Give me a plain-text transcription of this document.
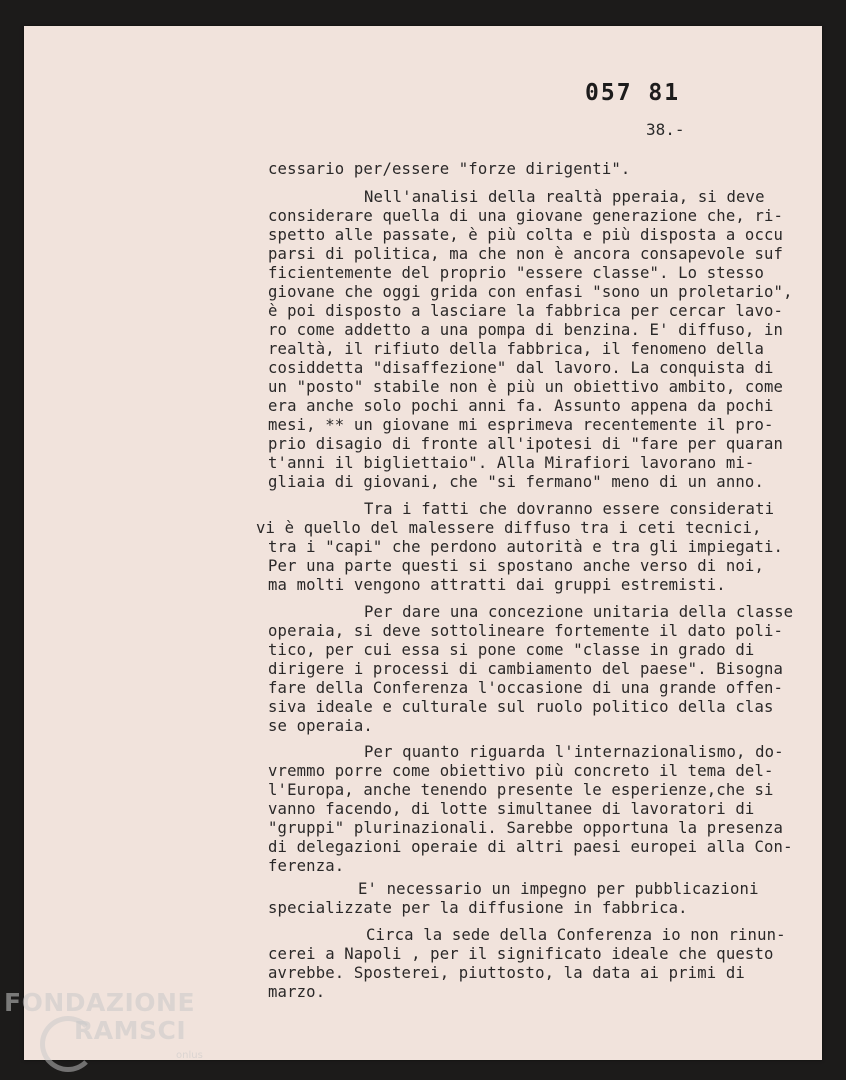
057 81
38.-
cessario per/essere "forze dirigenti".
Nell'analisi della realtà pperaia, si deve
considerare quella di una giovane generazione che, ri-
spetto alle passate, è più colta e più disposta a occu
parsi di politica, ma che non è ancora consapevole suf
ficientemente del proprio "essere classe". Lo stesso
giovane che oggi grida con enfasi "sono un proletario",
è poi disposto a lasciare la fabbrica per cercar lavo-
ro come addetto a una pompa di benzina. E' diffuso, in
realtà, il rifiuto della fabbrica, il fenomeno della
cosiddetta "disaffezione" dal lavoro. La conquista di
un "posto" stabile non è più un obiettivo ambito, come
era anche solo pochi anni fa. Assunto appena da pochi
mesi, ** un giovane mi esprimeva recentemente il pro-
prio disagio di fronte all'ipotesi di "fare per quaran
t'anni il bigliettaio". Alla Mirafiori lavorano mi-
gliaia di giovani, che "si fermano" meno di un anno.
Tra i fatti che dovranno essere considerati
vi è quello del malessere diffuso tra i ceti tecnici,
tra i "capi" che perdono autorità e tra gli impiegati.
Per una parte questi si spostano anche verso di noi,
ma molti vengono attratti dai gruppi estremisti.
Per dare una concezione unitaria della classe
operaia, si deve sottolineare fortemente il dato poli-
tico, per cui essa si pone come "classe in grado di
dirigere i processi di cambiamento del paese". Bisogna
fare della Conferenza l'occasione di una grande offen-
siva ideale e culturale sul ruolo politico della clas
se operaia.
Per quanto riguarda l'internazionalismo, do-
vremmo porre come obiettivo più concreto il tema del-
l'Europa, anche tenendo presente le esperienze,che si
vanno facendo, di lotte simultanee di lavoratori di
"gruppi" plurinazionali. Sarebbe opportuna la presenza
di delegazioni operaie di altri paesi europei alla Con-
ferenza.
E' necessario un impegno per pubblicazioni
specializzate per la diffusione in fabbrica.
Circa la sede della Conferenza io non rinun-
cerei a Napoli , per il significato ideale che questo
avrebbe. Sposterei, piuttosto, la data ai primi di
marzo.
FONDAZIONE
RAMSCI
onlus
